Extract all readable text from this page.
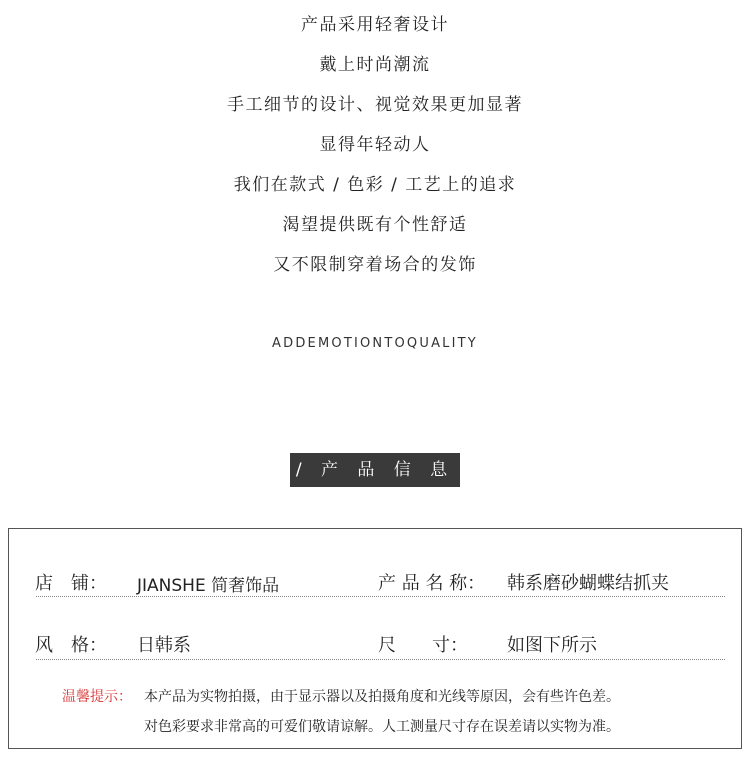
产品采用轻奢设计
戴上时尚潮流
手工细节的设计、视觉效果更加显著
显得年轻动人
我们在款式 / 色彩 / 工艺上的追求
渴望提供既有个性舒适
又不限制穿着场合的发饰
ADDEMOTIONTOQUALITY
/ 产 品 信 息 /
店　铺： JIANSHE 简奢饰品	产 品 名 称： 韩系磨砂蝴蝶结抓夹
风　格： 日韩系	尺　　寸： 如图下所示
温馨提示： 本产品为实物拍摄，由于显示器以及拍摄角度和光线等原因，会有些许色差。
对色彩要求非常高的可爱们敬请谅解。人工测量尺寸存在误差请以实物为准。
